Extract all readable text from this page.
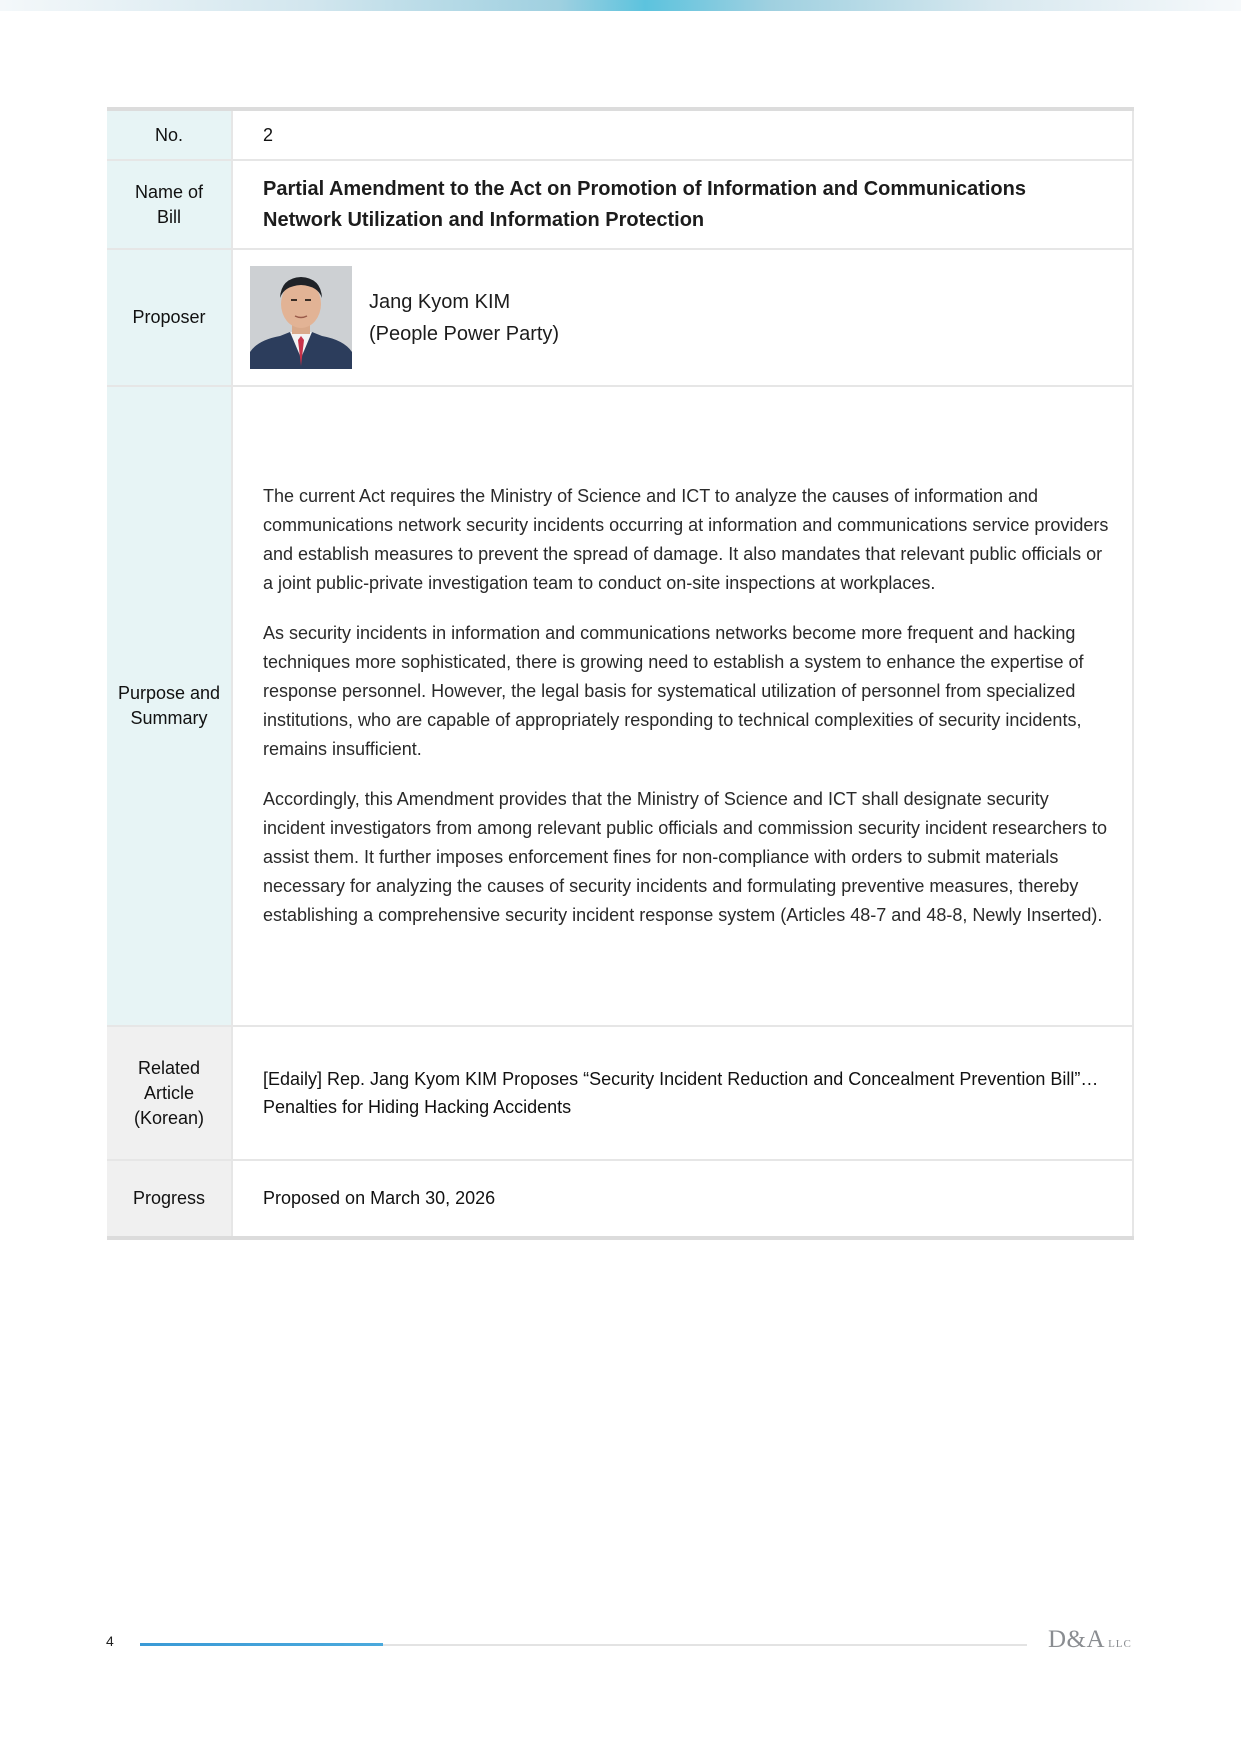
No.	2

Name of Bill	Partial Amendment to the Act on Promotion of Information and Communications Network Utilization and Information Protection

Proposer	Jang Kyom KIM
(People Power Party)

Purpose and Summary	The current Act requires the Ministry of Science and ICT to analyze the causes of information and communications network security incidents occurring at information and communications service providers and establish measures to prevent the spread of damage. It also mandates that relevant public officials or a joint public-private investigation team to conduct on-site inspections at workplaces.

As security incidents in information and communications networks become more frequent and hacking techniques more sophisticated, there is growing need to establish a system to enhance the expertise of response personnel. However, the legal basis for systematical utilization of personnel from specialized institutions, who are capable of appropriately responding to technical complexities of security incidents, remains insufficient.

Accordingly, this Amendment provides that the Ministry of Science and ICT shall designate security incident investigators from among relevant public officials and commission security incident researchers to assist them. It further imposes enforcement fines for non-compliance with orders to submit materials necessary for analyzing the causes of security incidents and formulating preventive measures, thereby establishing a comprehensive security incident response system (Articles 48-7 and 48-8, Newly Inserted).

Related Article (Korean)	[Edaily] Rep. Jang Kyom KIM Proposes “Security Incident Reduction and Concealment Prevention Bill”…Penalties for Hiding Hacking Accidents

Progress	Proposed on March 30, 2026
4	D&A LLC
